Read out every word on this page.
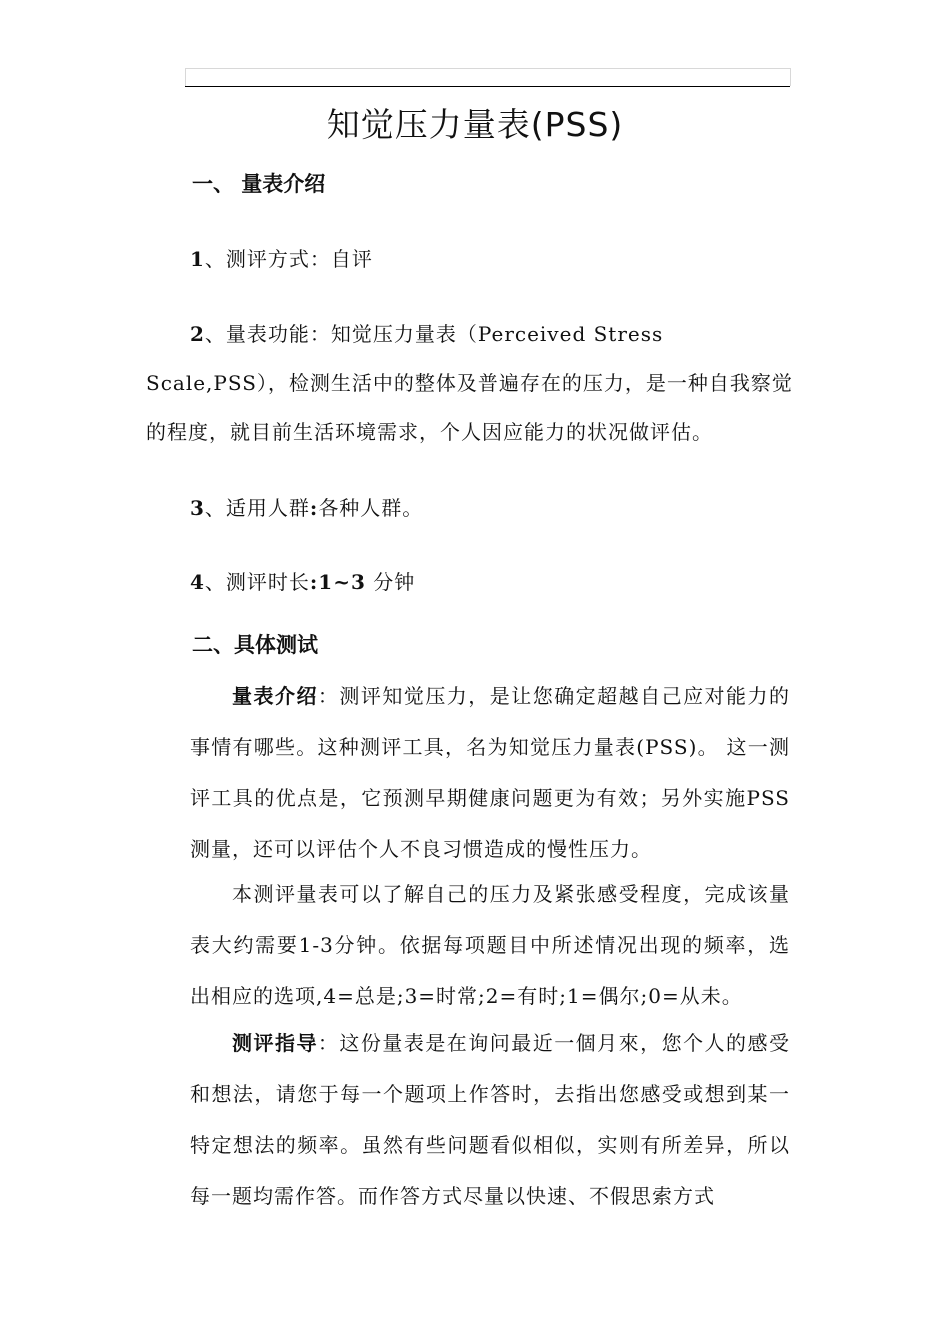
知觉压力量表(PSS)
一、 量表介绍

1、测评方式：自评

2、量表功能：知觉压力量表（Perceived Stress Scale,PSS），检测生活中的整体及普遍存在的压力，是一种自我察觉的程度，就目前生活环境需求，个人因应能力的状况做评估。

3、适用人群:各种人群。

4、测评时长:1~3 分钟

二、具体测试

量表介绍：测评知觉压力，是让您确定超越自己应对能力的事情有哪些。这种测评工具，名为知觉压力量表(PSS)。 这一测评工具的优点是，它预测早期健康问题更为有效；另外实施PSS测量，还可以评估个人不良习惯造成的慢性压力。

本测评量表可以了解自己的压力及紧张感受程度，完成该量表大约需要1-3分钟。依据每项题目中所述情况出现的频率，选出相应的选项,4=总是;3=时常;2=有时;1=偶尔;0=从未。

测评指导：这份量表是在询问最近一個月來，您个人的感受和想法，请您于每一个题项上作答时，去指出您感受或想到某一特定想法的频率。虽然有些问题看似相似，实则有所差异，所以每一题均需作答。而作答方式尽量以快速、不假思索方式
